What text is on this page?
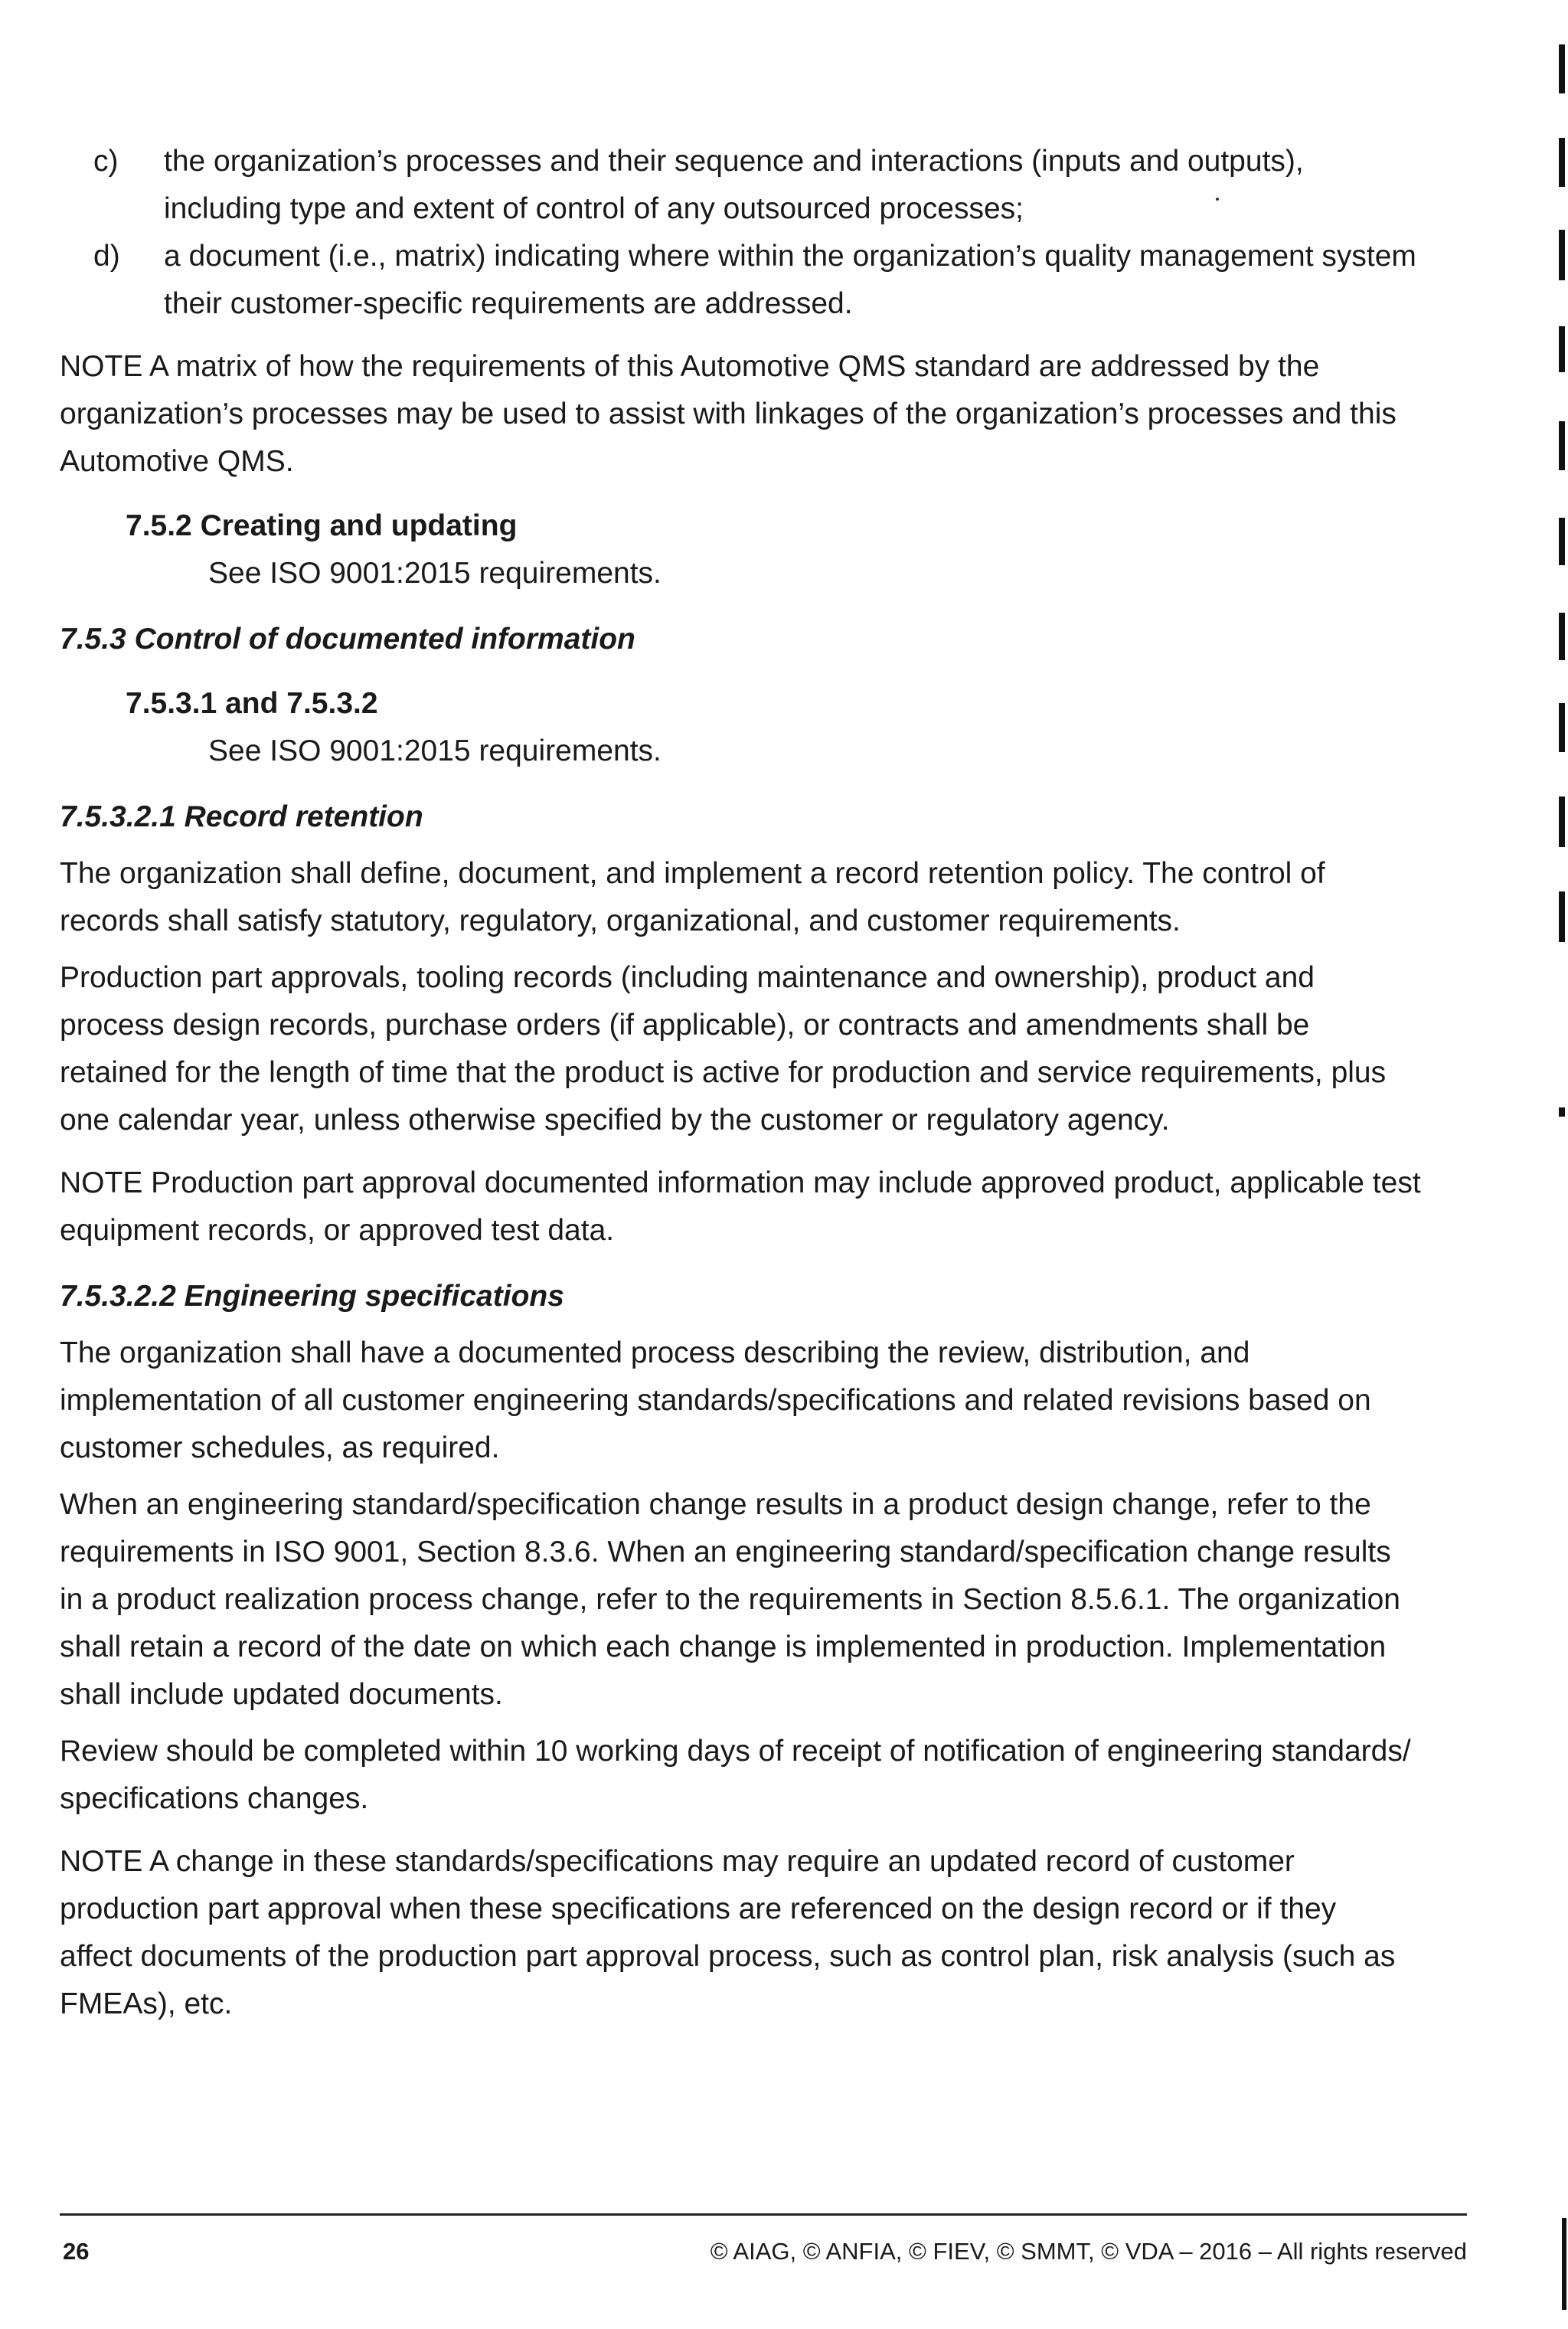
c) the organization’s processes and their sequence and interactions (inputs and outputs),

including type and extent of control of any outsourced processes;

d) a document (i.e., matrix) indicating where within the organization’s quality management system

their customer-specific requirements are addressed.

NOTE A matrix of how the requirements of this Automotive QMS standard are addressed by the

organization’s processes may be used to assist with linkages of the organization’s processes and this

Automotive QMS.

7.5.2 Creating and updating

See ISO 9001:2015 requirements.

7.5.3 Control of documented information

7.5.3.1 and 7.5.3.2

See ISO 9001:2015 requirements.

7.5.3.2.1 Record retention

The organization shall define, document, and implement a record retention policy. The control of

records shall satisfy statutory, regulatory, organizational, and customer requirements.

Production part approvals, tooling records (including maintenance and ownership), product and

process design records, purchase orders (if applicable), or contracts and amendments shall be

retained for the length of time that the product is active for production and service requirements, plus

one calendar year, unless otherwise specified by the customer or regulatory agency.

NOTE Production part approval documented information may include approved product, applicable test

equipment records, or approved test data.

7.5.3.2.2 Engineering specifications

The organization shall have a documented process describing the review, distribution, and

implementation of all customer engineering standards/specifications and related revisions based on

customer schedules, as required.

When an engineering standard/specification change results in a product design change, refer to the

requirements in ISO 9001, Section 8.3.6. When an engineering standard/specification change results

in a product realization process change, refer to the requirements in Section 8.5.6.1. The organization

shall retain a record of the date on which each change is implemented in production. Implementation

shall include updated documents.

Review should be completed within 10 working days of receipt of notification of engineering standards/

specifications changes.

NOTE A change in these standards/specifications may require an updated record of customer

production part approval when these specifications are referenced on the design record or if they

affect documents of the production part approval process, such as control plan, risk analysis (such as

FMEAs), etc.

26	© AIAG, © ANFIA, © FIEV, © SMMT, © VDA – 2016 – All rights reserved
